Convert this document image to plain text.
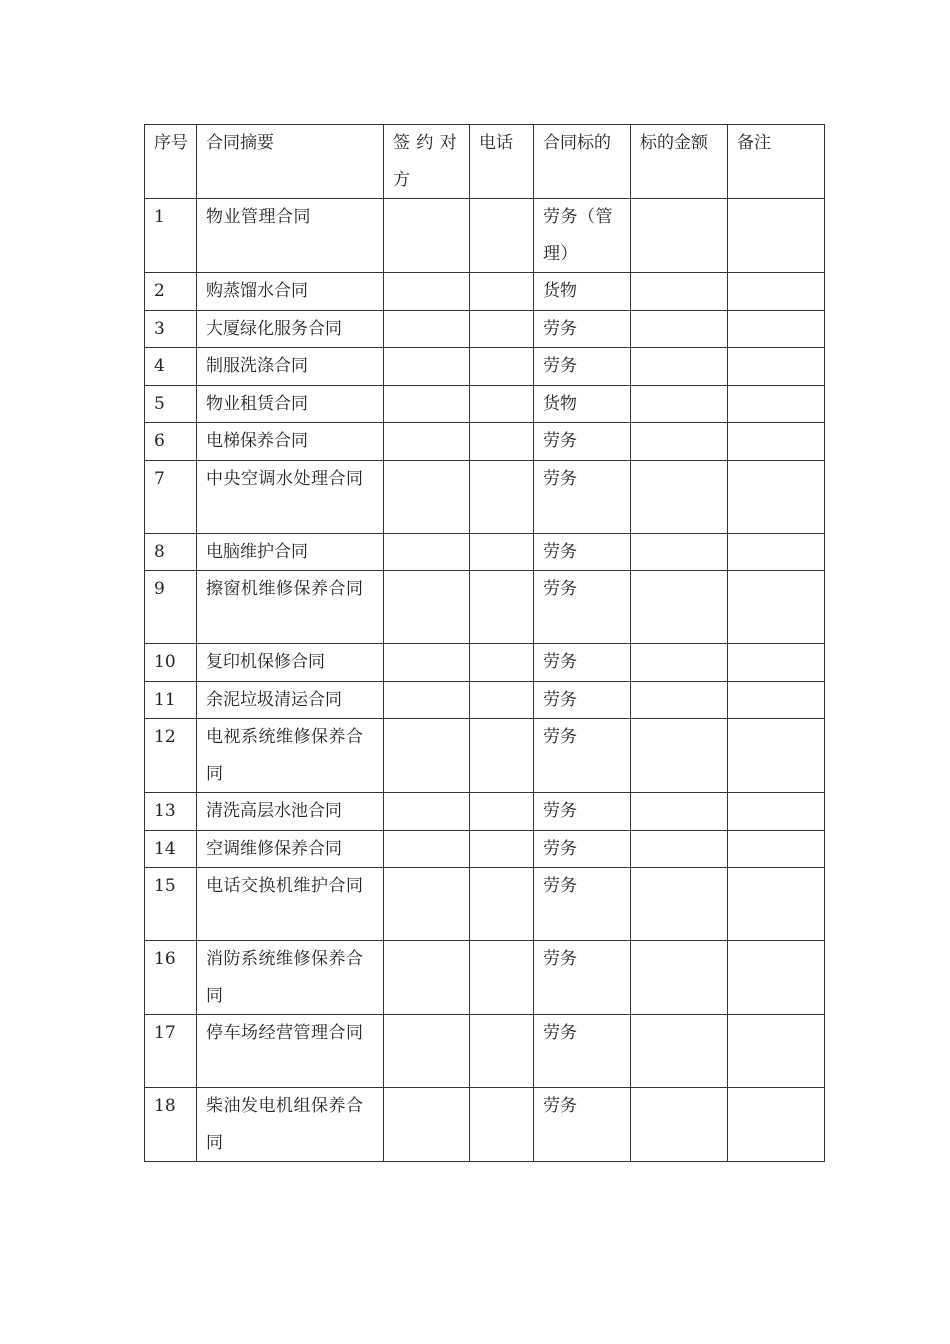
序号	合同摘要	签 约 对 方	电话	合同标的	标的金额	备注
1	物业管理合同			劳务（管理）		
2	购蒸馏水合同			货物		
3	大厦绿化服务合同			劳务		
4	制服洗涤合同			劳务		
5	物业租赁合同			货物		
6	电梯保养合同			劳务		
7	中央空调水处理合同			劳务		
8	电脑维护合同			劳务		
9	擦窗机维修保养合同			劳务		
10	复印机保修合同			劳务		
11	余泥垃圾清运合同			劳务		
12	电视系统维修保养合同			劳务		
13	清洗高层水池合同			劳务		
14	空调维修保养合同			劳务		
15	电话交换机维护合同			劳务		
16	消防系统维修保养合同			劳务		
17	停车场经营管理合同			劳务		
18	柴油发电机组保养合同			劳务		
